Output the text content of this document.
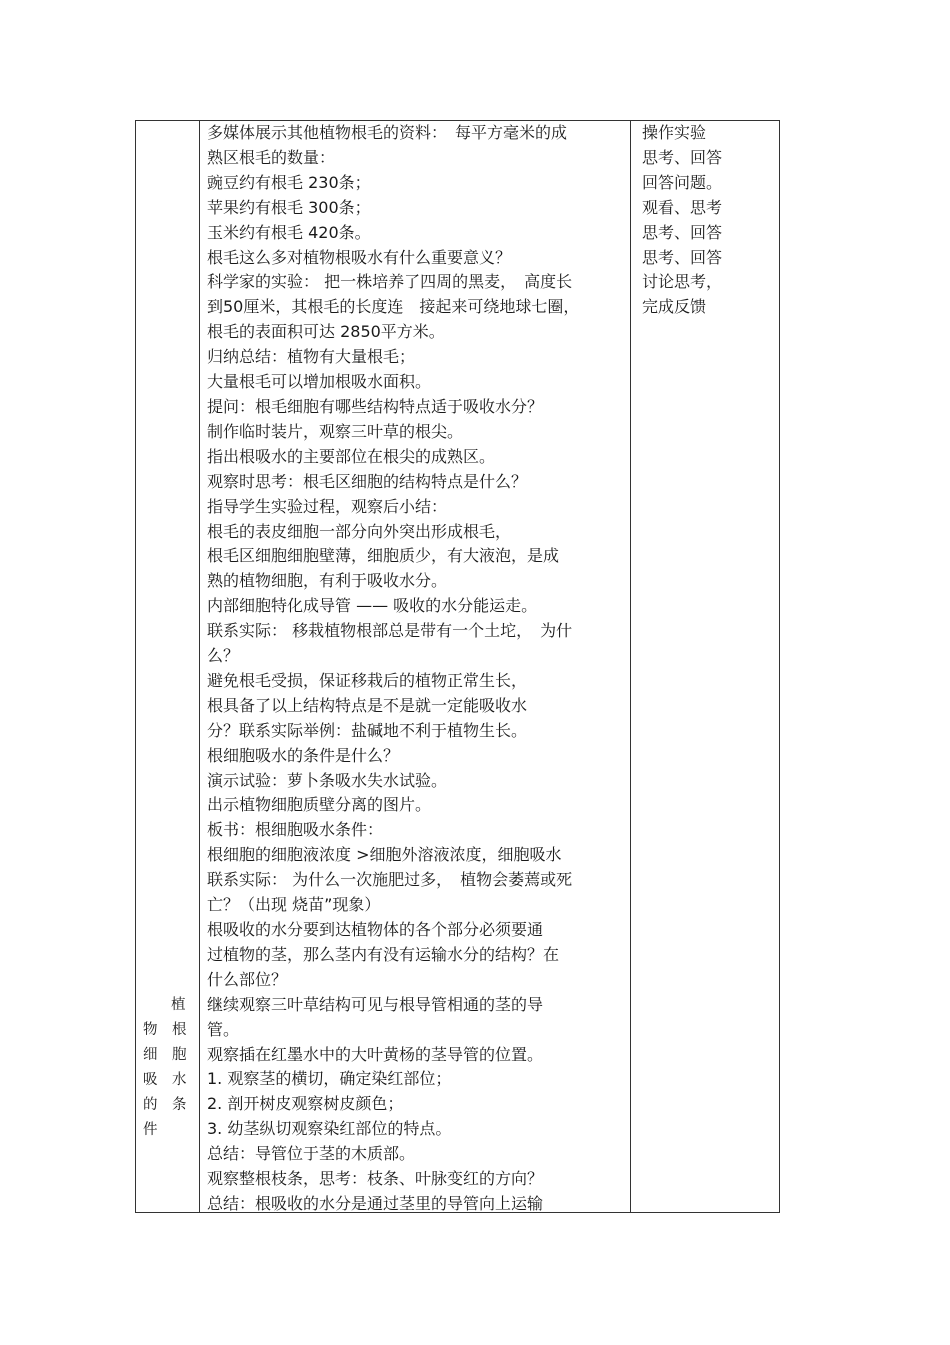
植
物　根
细　胞
吸　水
的　条
件
多媒体展示其他植物根毛的资料：　每平方毫米的成
熟区根毛的数量：
豌豆约有根毛 230条；
苹果约有根毛 300条；
玉米约有根毛 420条。
根毛这么多对植物根吸水有什么重要意义？
科学家的实验： 把一株培养了四周的黑麦，　高度长
到50厘米，其根毛的长度连　接起来可绕地球七圈，
根毛的表面积可达 2850平方米。
归纳总结：植物有大量根毛；
大量根毛可以增加根吸水面积。
提问：根毛细胞有哪些结构特点适于吸收水分？
制作临时装片，观察三叶草的根尖。
指出根吸水的主要部位在根尖的成熟区。
观察时思考：根毛区细胞的结构特点是什么？
指导学生实验过程，观察后小结：
根毛的表皮细胞一部分向外突出形成根毛，
根毛区细胞细胞壁薄，细胞质少，有大液泡，是成
熟的植物细胞，有利于吸收水分。
内部细胞特化成导管 —— 吸收的水分能运走。
联系实际： 移栽植物根部总是带有一个土坨，　为什
么？
避免根毛受损，保证移栽后的植物正常生长，
根具备了以上结构特点是不是就一定能吸收水
分？联系实际举例：盐碱地不利于植物生长。
根细胞吸水的条件是什么？
演示试验：萝卜条吸水失水试验。
出示植物细胞质壁分离的图片。
板书：根细胞吸水条件：
根细胞的细胞液浓度 >细胞外溶液浓度，细胞吸水
联系实际： 为什么一次施肥过多，　植物会萎蔫或死
亡？（出现 烧苗”现象）
根吸收的水分要到达植物体的各个部分必须要通
过植物的茎，那么茎内有没有运输水分的结构？在
什么部位？
继续观察三叶草结构可见与根导管相通的茎的导
管。
观察插在红墨水中的大叶黄杨的茎导管的位置。
1. 观察茎的横切，确定染红部位；
2. 剖开树皮观察树皮颜色；
3. 幼茎纵切观察染红部位的特点。
总结：导管位于茎的木质部。
观察整根枝条，思考：枝条、叶脉变红的方向？
总结：根吸收的水分是通过茎里的导管向上运输
操作实验
思考、回答
回答问题。
观看、思考
思考、回答
思考、回答
讨论思考，
完成反馈
